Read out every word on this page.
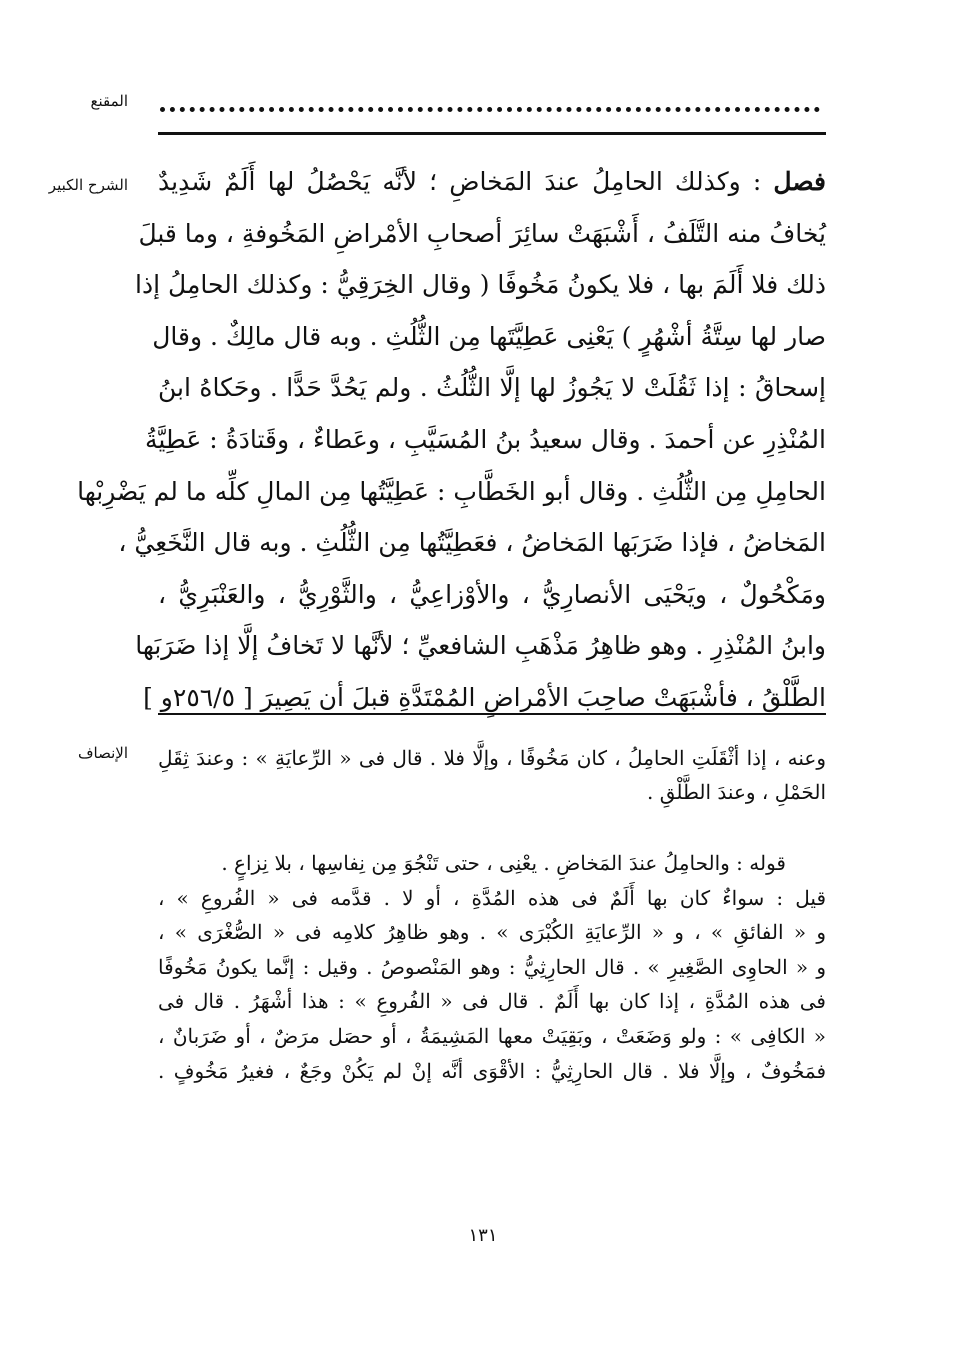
المقنع
الشرح الكبير	فصل : وكذلك الحامِلُ عندَ المَخاضِ ؛ لأنَّه يَحْصُلُ لها أَلَمٌ شَدِيدٌ
يُخافُ منه التَّلَفُ ، أَشْبَهَتْ سائِرَ أصحابِ الأمْراضِ المَخُوفةِ ، وما قبلَ
ذلك فلا أَلَمَ بها ، فلا يكونُ مَخُوفًا ( وقال الخِرَقِيُّ : وكذلك الحامِلُ إذا
صار لها سِتَّةُ أشْهُرٍ ) يَعْنِى عَطِيَّتَها مِن الثُّلُثِ . وبه قال مالِكٌ . وقال
إسحاقُ : إذا ثَقُلَتْ لا يَجُوزُ لها إلَّا الثُّلُثُ . ولم يَحُدَّ حَدًّا . وحَكاهُ ابنُ
المُنْذِرِ عن أحمدَ . وقال سعيدُ بنُ المُسَيَّبِ ، وعَطاءٌ ، وقَتادَةُ : عَطِيَّةُ
الحامِلِ مِن الثُّلُثِ . وقال أبو الخَطَّابِ : عَطِيَّتُها مِن المالِ كلِّه ما لم يَضْرِبْها
المَخاضُ ، فإذا ضَرَبَها المَخاضُ ، فعَطِيَّتُها مِن الثُّلُثِ . وبه قال النَّخَعِيُّ ،
ومَكْحُولٌ ، ويَحْيَى الأنصارِيُّ ، والأوْزاعِيُّ ، والثَّوْرِيُّ ، والعَنْبَرِيُّ ،
وابنُ المُنْذِرِ . وهو ظاهِرُ مَذْهَبِ الشافعيِّ ؛ لأنَّها لا تَخافُ إلَّا إذا ضَرَبَها
الطَّلْقُ ، فأشْبَهَتْ صاحِبَ الأمْراضِ المُمْتَدَّةِ قبلَ أن يَصِيرَ [ ٢٥٦/٥و ]
الإنصاف وعنه ، إذا أثْقَلَتِ الحامِلُ ، كان مَخُوفًا ، وإلَّا فلا . قال فى « الرِّعايَةِ » : وعندَ ثِقَلِ
الحَمْلِ ، وعندَ الطَّلْقِ .
قوله : والحامِلُ عندَ المَخاضِ . يعْنِى ، حتى تَنْجُوَ مِن نِفاسِها ، بلا نِزاعٍ .
قيل : سواءٌ كان بها أَلَمٌ فى هذه المُدَّةِ ، أو لا . قدَّمه فى « الفُروعِ » ،
و « الفائقِ » ، و « الرِّعايَةِ الكُبْرَى » . وهو ظاهِرُ كلامِه فى « الصُّغْرَى » ،
و « الحاوِى الصَّغِيرِ » . قال الحارِثِيُّ : وهو المَنْصوصُ . وقيل : إنَّما يكونُ مَخُوفًا
فى هذه المُدَّةِ ، إذا كان بها أَلَمٌ . قال فى « الفُروعِ » : هذا أشْهَرُ . قال فى
« الكافِى » : ولو وَضَعَتْ ، وبَقِيَتْ معها المَشِيمَةُ ، أو حصَل مرَضٌ ، أو ضَرَبانٌ ،
فمَخُوفٌ ، وإلَّا فلا . قال الحارِثِيُّ : الأقْوَى أنَّه إنْ لم يَكُنْ وجَعٌ ، فغيرُ مَخُوفٍ .
١٣١
